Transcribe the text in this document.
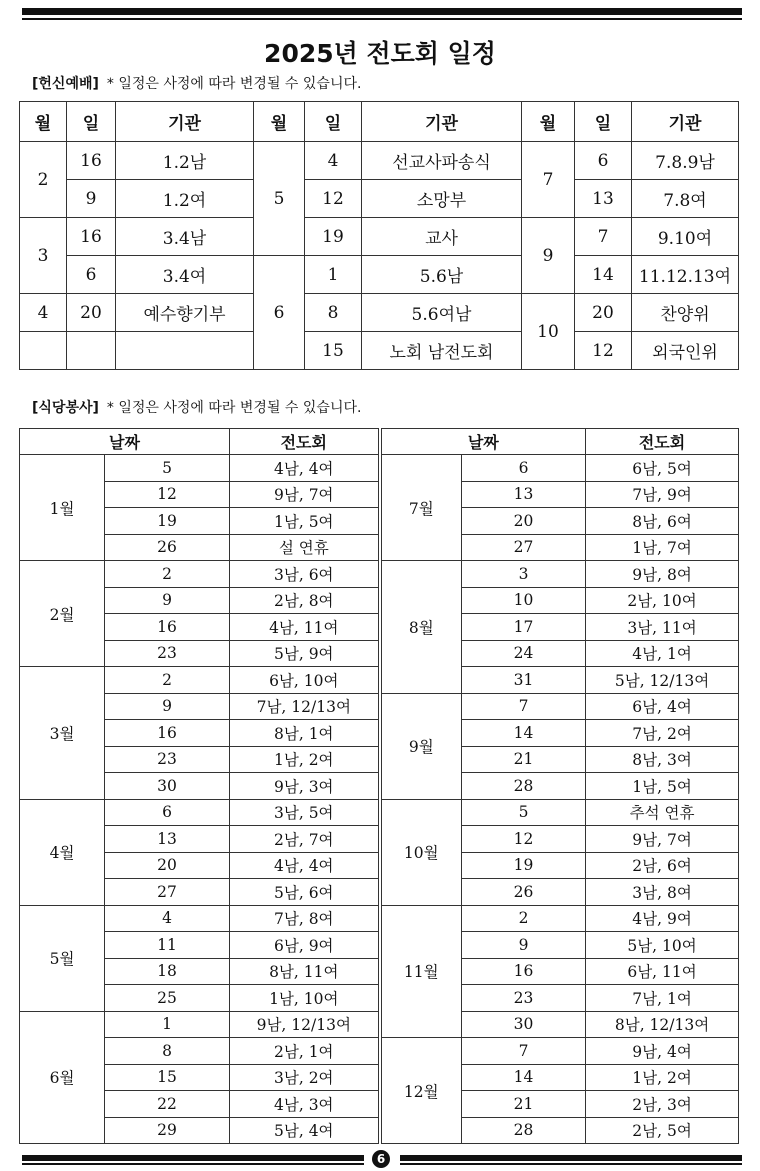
2025년 전도회 일정
[헌신예배] * 일정은 사정에 따라 변경될 수 있습니다.
월	일	기관	월	일	기관	월	일	기관
2	16	1.2남	5	4	선교사파송식	7	6	7.8.9남
	9	1.2여		12	소망부		13	7.8여
3	16	3.4남		19	교사	9	7	9.10여
	6	3.4여	6	1	5.6남		14	11.12.13여
4	20	예수향기부		8	5.6여남	10	20	찬양위
				15	노회 남전도회		12	외국인위
[식당봉사] * 일정은 사정에 따라 변경될 수 있습니다.
날짜		전도회	날짜		전도회
1월	5	4남, 4여	7월	6	6남, 5여
	12	9남, 7여		13	7남, 9여
	19	1남, 5여		20	8남, 6여
	26	설 연휴		27	1남, 7여
2월	2	3남, 6여	8월	3	9남, 8여
	9	2남, 8여		10	2남, 10여
	16	4남, 11여		17	3남, 11여
	23	5남, 9여		24	4남, 1여
3월	2	6남, 10여		31	5남, 12/13여
	9	7남, 12/13여	9월	7	6남, 4여
	16	8남, 1여		14	7남, 2여
	23	1남, 2여		21	8남, 3여
	30	9남, 3여		28	1남, 5여
4월	6	3남, 5여	10월	5	추석 연휴
	13	2남, 7여		12	9남, 7여
	20	4남, 4여		19	2남, 6여
	27	5남, 6여		26	3남, 8여
5월	4	7남, 8여	11월	2	4남, 9여
	11	6남, 9여		9	5남, 10여
	18	8남, 11여		16	6남, 11여
	25	1남, 10여		23	7남, 1여
6월	1	9남, 12/13여		30	8남, 12/13여
	8	2남, 1여	12월	7	9남, 4여
	15	3남, 2여		14	1남, 2여
	22	4남, 3여		21	2남, 3여
	29	5남, 4여		28	2남, 5여
6
